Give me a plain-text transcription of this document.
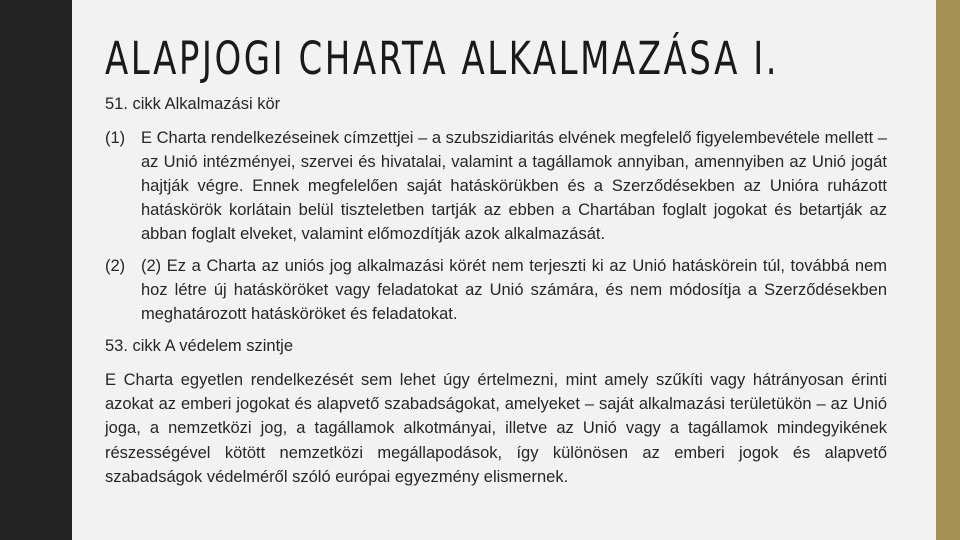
ALAPJOGI CHARTA ALKALMAZÁSA I.

51. cikk Alkalmazási kör

(1) E Charta rendelkezéseinek címzettjei – a szubszidiaritás elvének megfelelő figyelembevétele mellett – az Unió intézményei, szervei és hivatalai, valamint a tagállamok annyiban, amennyiben az Unió jogát hajtják végre. Ennek megfelelően saját hatáskörükben és a Szerződésekben az Unióra ruházott hatáskörök korlátain belül tiszteletben tartják az ebben a Chartában foglalt jogokat és betartják az abban foglalt elveket, valamint előmozdítják azok alkalmazását.
(2) (2) Ez a Charta az uniós jog alkalmazási körét nem terjeszti ki az Unió hatáskörein túl, továbbá nem hoz létre új hatásköröket vagy feladatokat az Unió számára, és nem módosítja a Szerződésekben meghatározott hatásköröket és feladatokat.

53. cikk A védelem szintje

E Charta egyetlen rendelkezését sem lehet úgy értelmezni, mint amely szűkíti vagy hátrányosan érinti azokat az emberi jogokat és alapvető szabadságokat, amelyeket – saját alkalmazási területükön – az Unió joga, a nemzetközi jog, a tagállamok alkotmányai, illetve az Unió vagy a tagállamok mindegyikének részességével kötött nemzetközi megállapodások, így különösen az emberi jogok és alapvető szabadságok védelméről szóló európai egyezmény elismernek.
